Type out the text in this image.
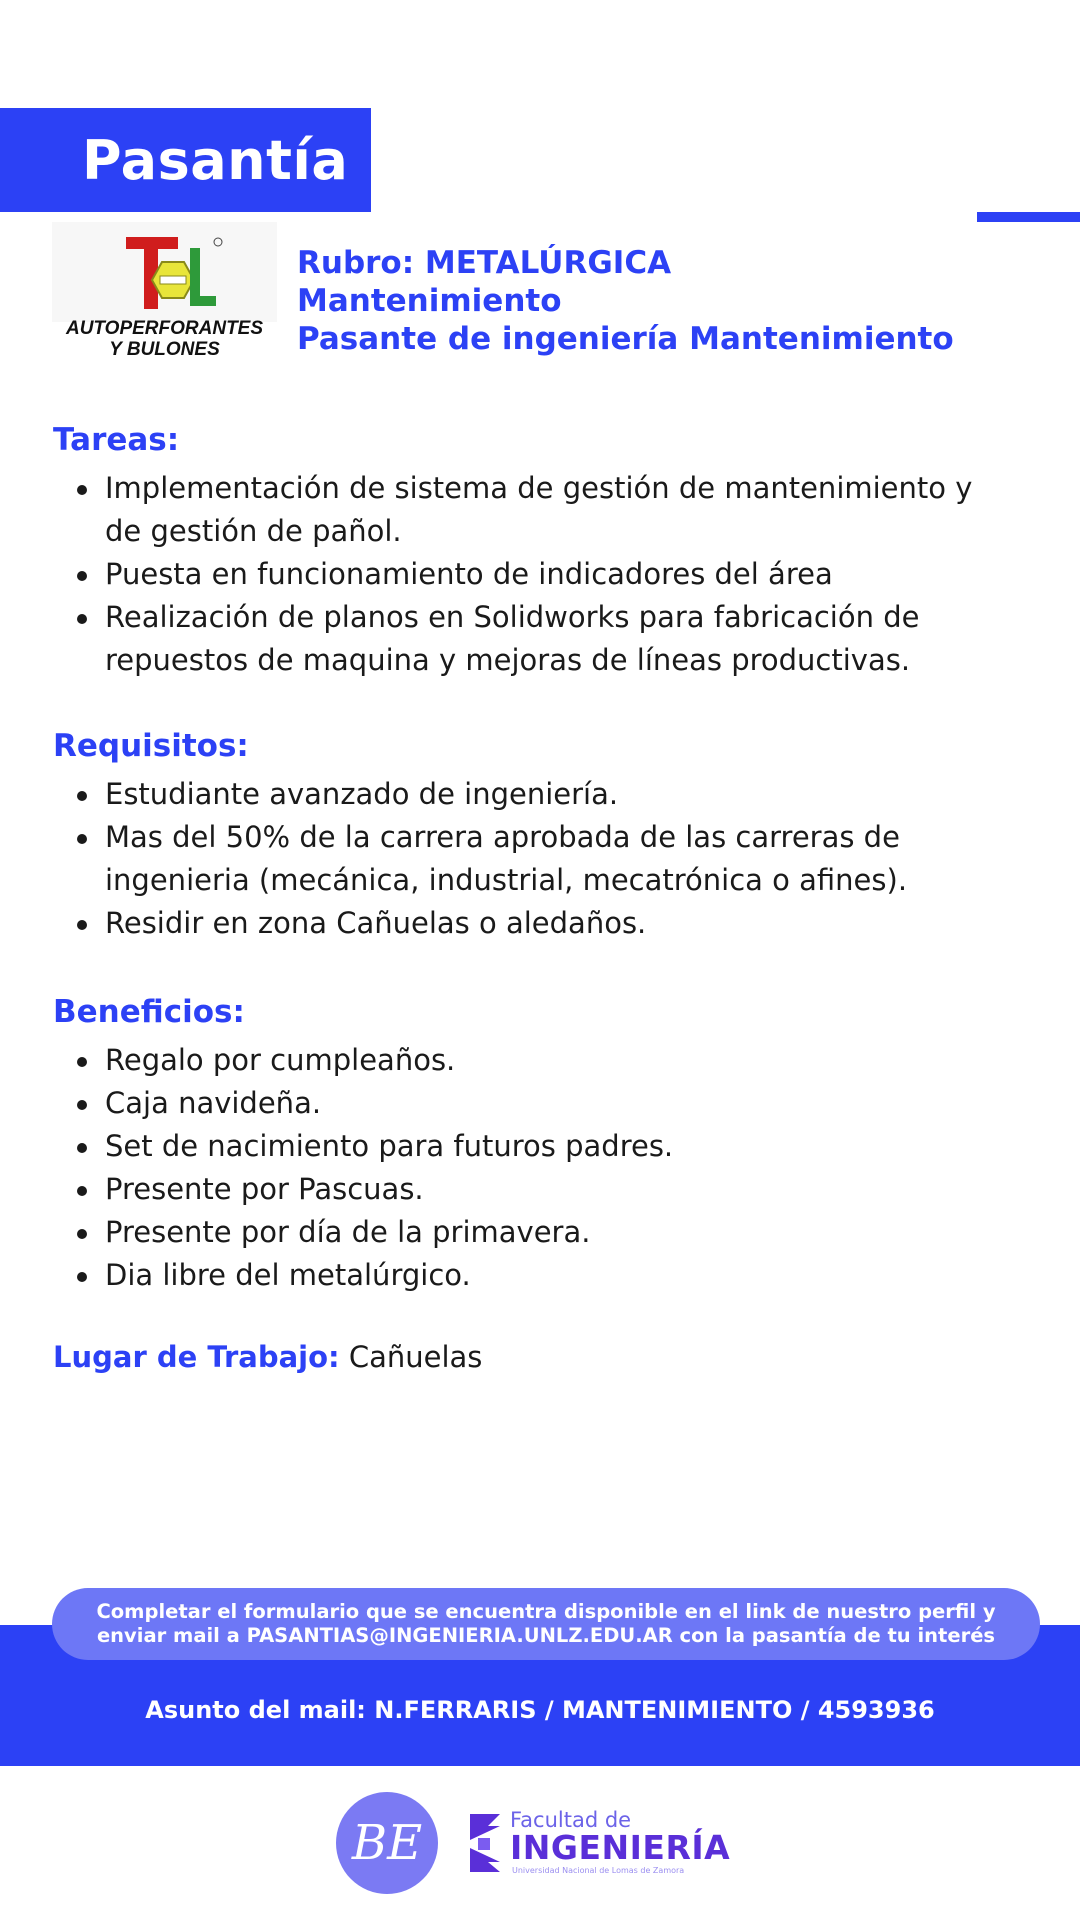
Pasantía
AUTOPERFORANTES
Y BULONES
Rubro: METALÚRGICA
Mantenimiento
Pasante de ingeniería Mantenimiento
Tareas:
Implementación de sistema de gestión de mantenimiento y de gestión de pañol.
Puesta en funcionamiento de indicadores del área
Realización de planos en Solidworks para fabricación de repuestos de maquina y mejoras de líneas productivas.
Requisitos:
Estudiante avanzado de ingeniería.
Mas del 50% de la carrera aprobada de las carreras de ingenieria (mecánica, industrial, mecatrónica o afines).
Residir en zona Cañuelas o aledaños.
Beneficios:
Regalo por cumpleaños.
Caja navideña.
Set de nacimiento para futuros padres.
Presente por Pascuas.
Presente por día de la primavera.
Dia libre del metalúrgico.
Lugar de Trabajo: Cañuelas
Completar el formulario que se encuentra disponible en el link de nuestro perfil y
enviar mail a PASANTIAS@INGENIERIA.UNLZ.EDU.AR con la pasantía de tu interés
Asunto del mail: N.FERRARIS / MANTENIMIENTO / 4593936
BE	Facultad de
INGENIERÍA
Universidad Nacional de Lomas de Zamora
